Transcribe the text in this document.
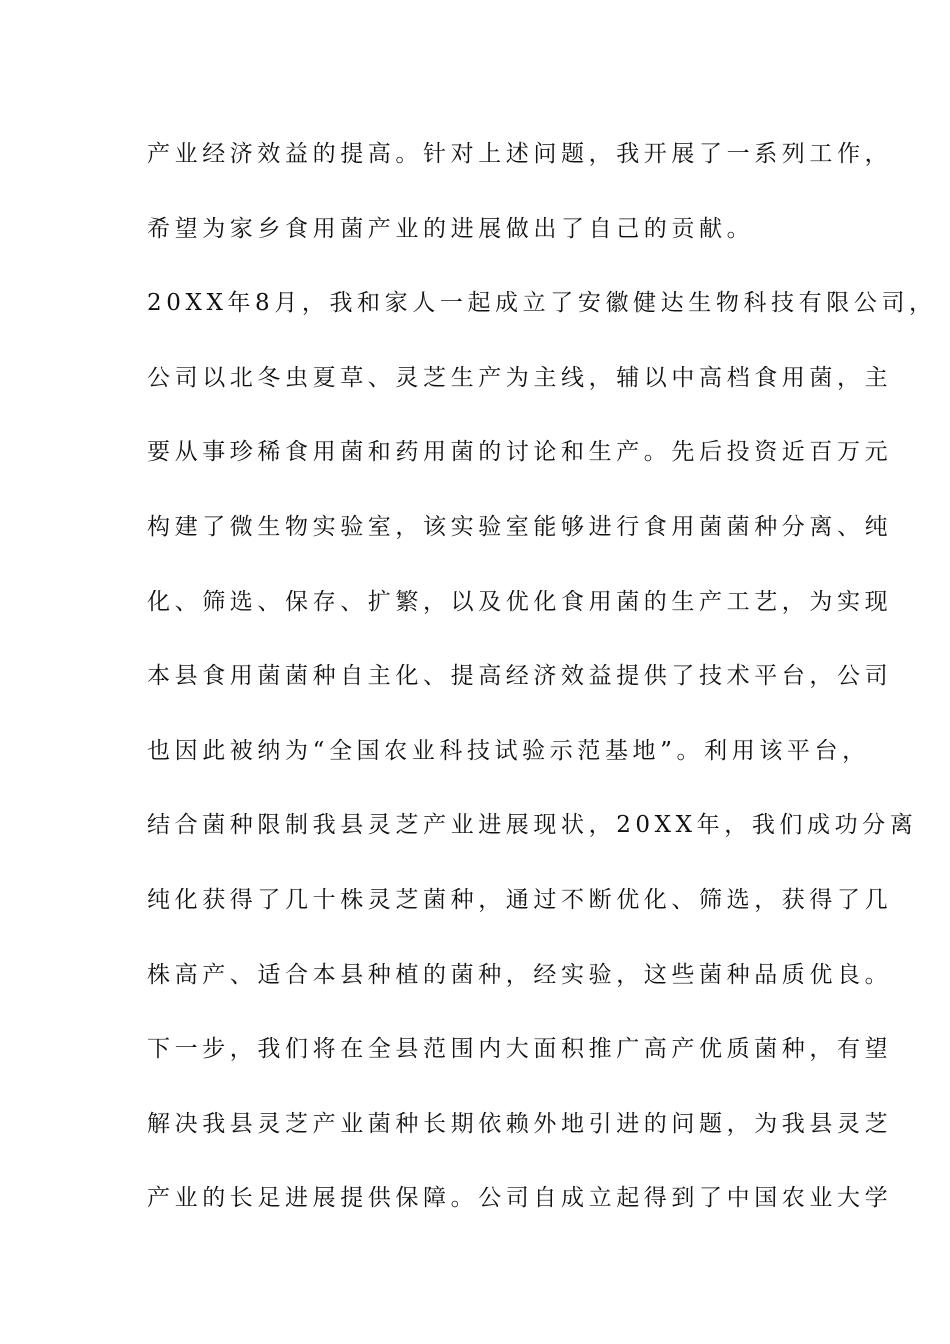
产业经济效益的提高。针对上述问题，我开展了一系列工作，
希望为家乡食用菌产业的进展做出了自己的贡献。
20XX年8月，我和家人一起成立了安徽健达生物科技有限公司，
公司以北冬虫夏草、灵芝生产为主线，辅以中高档食用菌，主
要从事珍稀食用菌和药用菌的讨论和生产。先后投资近百万元
构建了微生物实验室，该实验室能够进行食用菌菌种分离、纯
化、筛选、保存、扩繁，以及优化食用菌的生产工艺，为实现
本县食用菌菌种自主化、提高经济效益提供了技术平台，公司
也因此被纳为“全国农业科技试验示范基地”。利用该平台，
结合菌种限制我县灵芝产业进展现状，20XX年，我们成功分离
纯化获得了几十株灵芝菌种，通过不断优化、筛选，获得了几
株高产、适合本县种植的菌种，经实验，这些菌种品质优良。
下一步，我们将在全县范围内大面积推广高产优质菌种，有望
解决我县灵芝产业菌种长期依赖外地引进的问题，为我县灵芝
产业的长足进展提供保障。公司自成立起得到了中国农业大学
